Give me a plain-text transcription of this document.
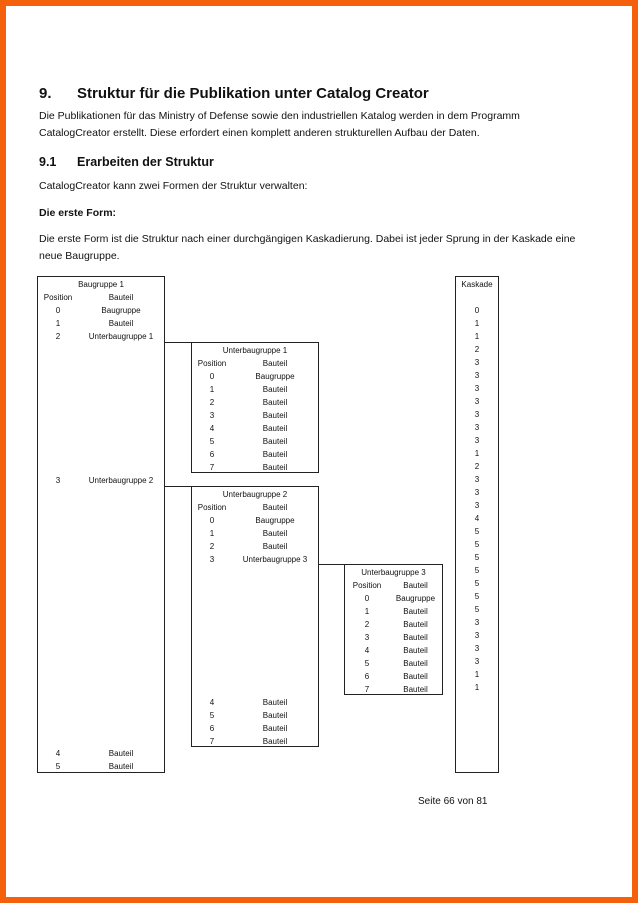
9. Struktur für die Publikation unter Catalog Creator
Die Publikationen für das Ministry of Defense sowie den industriellen Katalog werden in dem Programm
CatalogCreator erstellt. Diese erfordert einen komplett anderen strukturellen Aufbau der Daten.
9.1 Erarbeiten der Struktur
CatalogCreator kann zwei Formen der Struktur verwalten:
Die erste Form:
Die erste Form ist die Struktur nach einer durchgängigen Kaskadierung. Dabei ist jeder Sprung in der Kaskade eine
neue Baugruppe.
Baugruppe 1
Position	Bauteil
0	Baugruppe
1	Bauteil
2	Unterbaugruppe 1
3	Unterbaugruppe 2
4	Bauteil
5	Bauteil
Unterbaugruppe 1
Position	Bauteil
0	Baugruppe
1	Bauteil
2	Bauteil
3	Bauteil
4	Bauteil
5	Bauteil
6	Bauteil
7	Bauteil
Unterbaugruppe 2
Position	Bauteil
0	Baugruppe
1	Bauteil
2	Bauteil
3	Unterbaugruppe 3
4	Bauteil
5	Bauteil
6	Bauteil
7	Bauteil
Unterbaugruppe 3
Position	Bauteil
0	Baugruppe
1	Bauteil
2	Bauteil
3	Bauteil
4	Bauteil
5	Bauteil
6	Bauteil
7	Bauteil
Kaskade
0
1
1
2
3
3
3
3
3
3
3
1
2
3
3
3
4
5
5
5
5
5
5
5
3
3
3
3
1
1
Seite 66 von 81
